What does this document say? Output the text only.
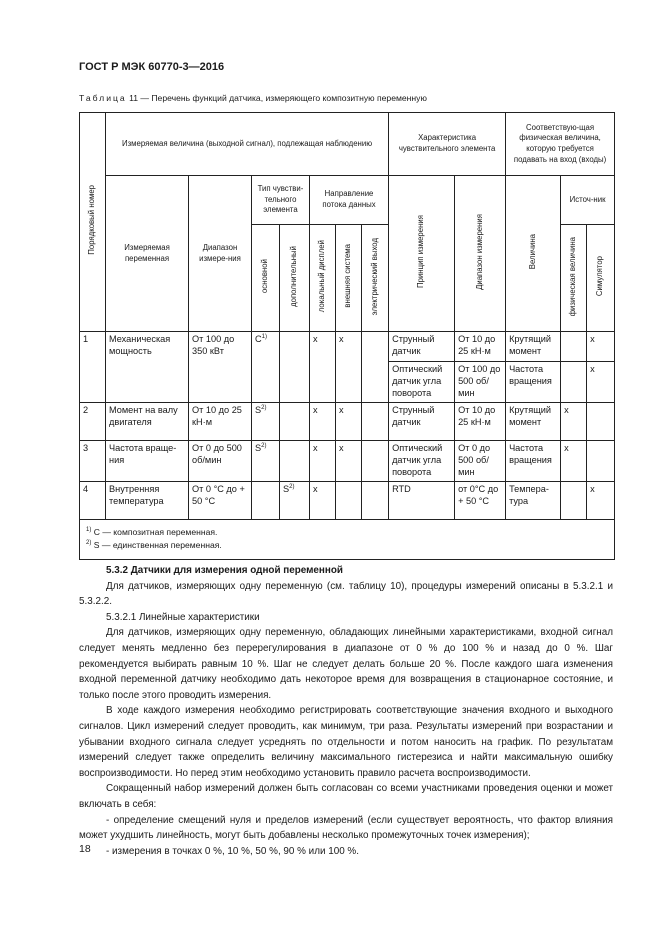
ГОСТ Р МЭК 60770-3—2016
Таблица 11 — Перечень функций датчика, измеряющего композитную переменную
Порядковый номер	Измеряемая величина (выходной сигнал), подлежащая наблюдению							Характеристика чувствительного элемента		Соответствую-щая физическая величина, которую требуется подавать на вход (входы)		
	Измеряемая переменная	Диапазон измере-ния	Тип чувстви-тельного элемента		Направление потока данных			Принцип измерения	Диапазон измерения	Величина	Источ-ник	
			основной	дополнительный	локальный дисплей	внешняя система	электрический выход				физическая величина	Симулятор
1	Механическая мощность	От 100 до 350 кВт	$C^{1)}$		x	x		Струнный датчик	От 10 до 25 кН·м	Крутящий момент		x
								Оптический датчик угла поворота	От 100 до 500 об/мин	Частота вращения		x
2	Момент на валу двигателя	От 10 до 25 кН·м	$S^{2)}$		x	x		Струнный датчик	От 10 до 25 кН·м	Крутящий момент	x	
3	Частота враще-ния	От 0 до 500 об/мин	$S^{2)}$		x	x		Оптический датчик угла поворота	От 0 до 500 об/мин	Частота вращения	x	
4	Внутренняя температура	От 0 °C до + 50 °C		$S^{2)}$	x			RTD	от 0°C до + 50 °C	Темпера-тура		x

$^{1)}$ C — композитная переменная.
$^{2)}$ S — единственная переменная.												

5.3.2 Датчики для измерения одной переменной

Для датчиков, измеряющих одну переменную (см. таблицу 10), процедуры измерений описаны в 5.3.2.1 и 5.3.2.2.

5.3.2.1 Линейные характеристики

Для датчиков, измеряющих одну переменную, обладающих линейными характеристиками, входной сигнал следует менять медленно без перерегулирования в диапазоне от 0 % до 100 % и назад до 0 %. Шаг рекомендуется выбирать равным 10 %. Шаг не следует делать больше 20 %. После каждого шага изменения входной переменной датчику необходимо дать некоторое время для возвращения в стационарное состояние, и только после этого проводить измерения.

В ходе каждого измерения необходимо регистрировать соответствующие значения входного и выходного сигналов. Цикл измерений следует проводить, как минимум, три раза. Результаты измерений при возрастании и убывании входного сигнала следует усреднять по отдельности и потом наносить на график. По результатам измерений следует также определить величину максимального гистерезиса и найти максимальную ошибку воспроизводимости. Но перед этим необходимо установить правило расчета воспроизводимости.

Сокращенный набор измерений должен быть согласован со всеми участниками проведения оценки и может включать в себя:

- определение смещений нуля и пределов измерений (если существует вероятность, что фактор влияния может ухудшить линейность, могут быть добавлены несколько промежуточных точек измерения);

- измерения в точках 0 %, 10 %, 50 %, 90 % или 100 %.

18
